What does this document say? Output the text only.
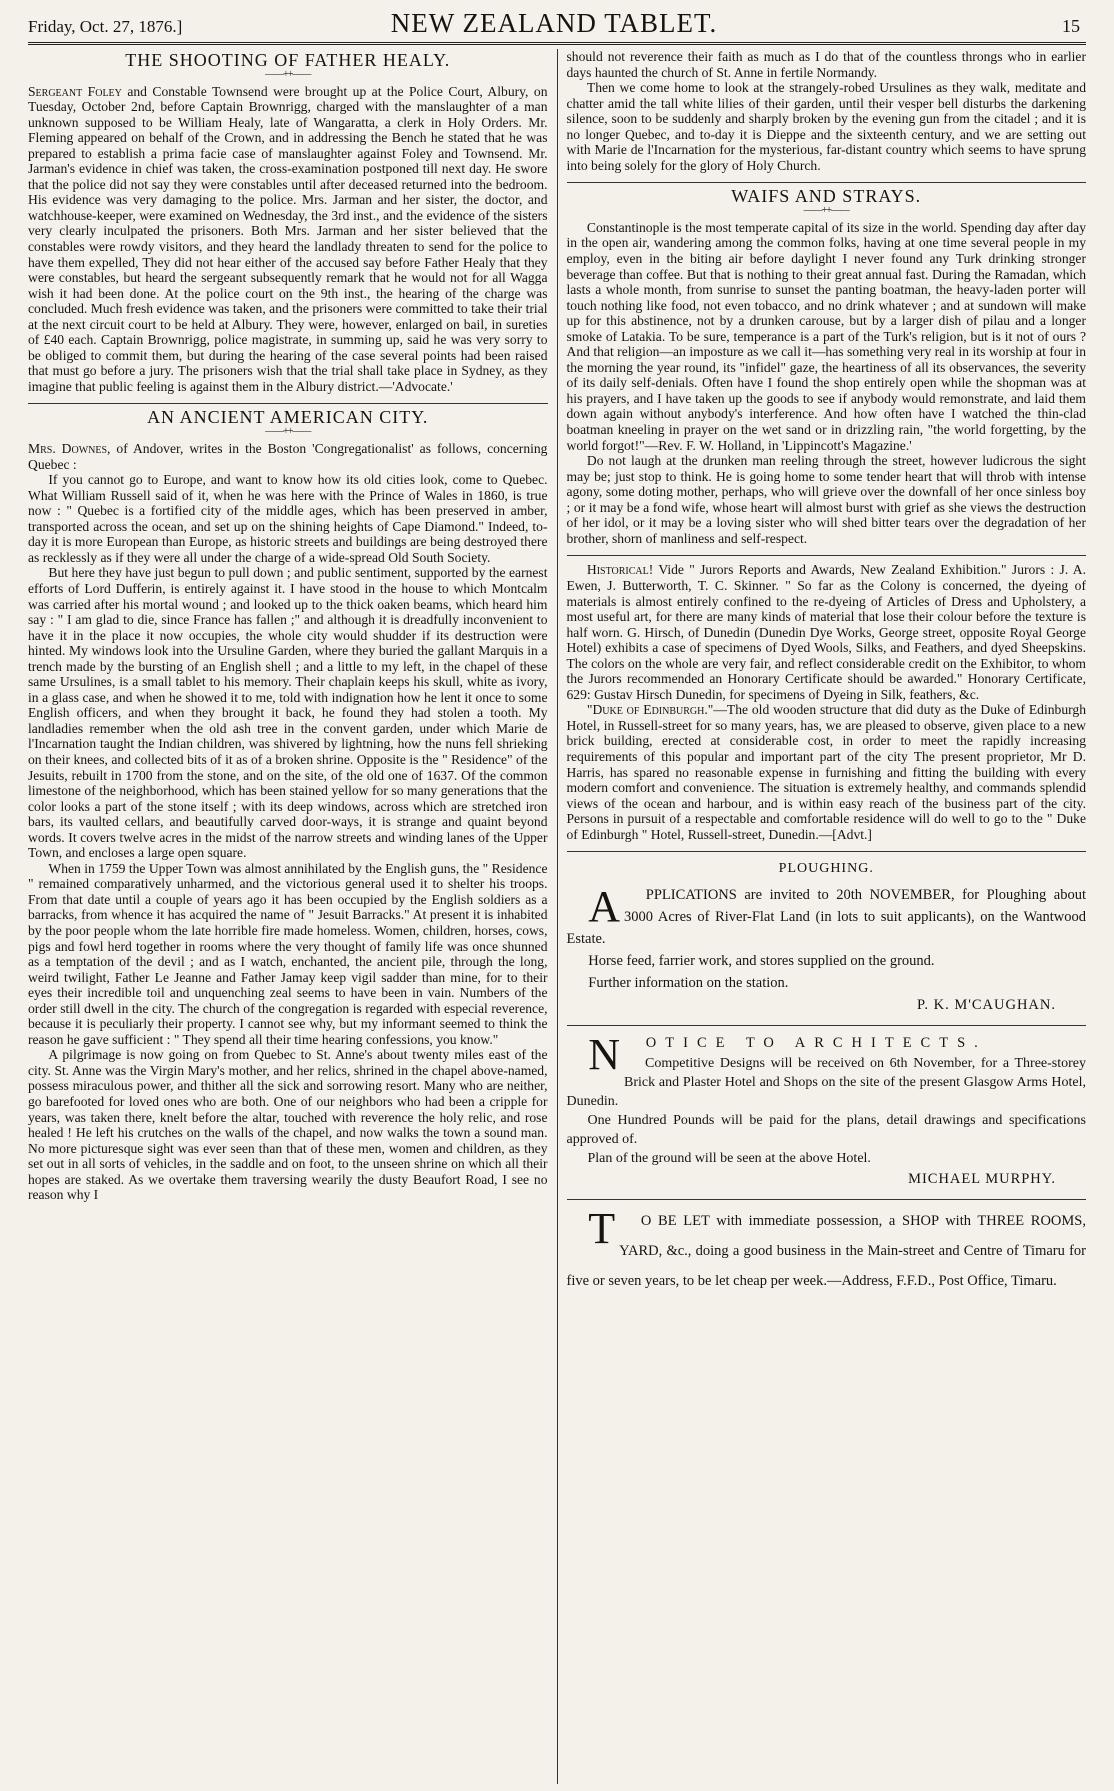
Friday, Oct. 27, 1876.]	NEW ZEALAND TABLET.	15
THE SHOOTING OF FATHER HEALY.
——++——

Sergeant Foley and Constable Townsend were brought up at the Police Court, Albury, on Tuesday, October 2nd, before Captain Brownrigg, charged with the manslaughter of a man unknown supposed to be William Healy, late of Wangaratta, a clerk in Holy Orders. Mr. Fleming appeared on behalf of the Crown, and in addressing the Bench he stated that he was prepared to establish a prima facie case of manslaughter against Foley and Townsend. Mr. Jarman's evidence in chief was taken, the cross-examination postponed till next day. He swore that the police did not say they were constables until after deceased returned into the bedroom. His evidence was very damaging to the police. Mrs. Jarman and her sister, the doctor, and watchhouse-keeper, were examined on Wednesday, the 3rd inst., and the evidence of the sisters very clearly inculpated the prisoners. Both Mrs. Jarman and her sister believed that the constables were rowdy visitors, and they heard the landlady threaten to send for the police to have them expelled, They did not hear either of the accused say before Father Healy that they were constables, but heard the sergeant subsequently remark that he would not for all Wagga wish it had been done. At the police court on the 9th inst., the hearing of the charge was concluded. Much fresh evidence was taken, and the prisoners were committed to take their trial at the next circuit court to be held at Albury. They were, however, enlarged on bail, in sureties of £40 each. Captain Brownrigg, police magistrate, in summing up, said he was very sorry to be obliged to commit them, but during the hearing of the case several points had been raised that must go before a jury. The prisoners wish that the trial shall take place in Sydney, as they imagine that public feeling is against them in the Albury district.—'Advocate.'

AN ANCIENT AMERICAN CITY.
——++——

Mrs. Downes, of Andover, writes in the Boston 'Congregationalist' as follows, concerning Quebec :

If you cannot go to Europe, and want to know how its old cities look, come to Quebec. What William Russell said of it, when he was here with the Prince of Wales in 1860, is true now : " Quebec is a fortified city of the middle ages, which has been preserved in amber, transported across the ocean, and set up on the shining heights of Cape Diamond." Indeed, to-day it is more European than Europe, as historic streets and buildings are being destroyed there as recklessly as if they were all under the charge of a wide-spread Old South Society.

But here they have just begun to pull down ; and public sentiment, supported by the earnest efforts of Lord Dufferin, is entirely against it. I have stood in the house to which Montcalm was carried after his mortal wound ; and looked up to the thick oaken beams, which heard him say : " I am glad to die, since France has fallen ;" and although it is dreadfully inconvenient to have it in the place it now occupies, the whole city would shudder if its destruction were hinted. My windows look into the Ursuline Garden, where they buried the gallant Marquis in a trench made by the bursting of an English shell ; and a little to my left, in the chapel of these same Ursulines, is a small tablet to his memory. Their chaplain keeps his skull, white as ivory, in a glass case, and when he showed it to me, told with indignation how he lent it once to some English officers, and when they brought it back, he found they had stolen a tooth. My landladies remember when the old ash tree in the convent garden, under which Marie de l'Incarnation taught the Indian children, was shivered by lightning, how the nuns fell shrieking on their knees, and collected bits of it as of a broken shrine. Opposite is the " Residence" of the Jesuits, rebuilt in 1700 from the stone, and on the site, of the old one of 1637. Of the common limestone of the neighborhood, which has been stained yellow for so many generations that the color looks a part of the stone itself ; with its deep windows, across which are stretched iron bars, its vaulted cellars, and beautifully carved door-ways, it is strange and quaint beyond words. It covers twelve acres in the midst of the narrow streets and winding lanes of the Upper Town, and encloses a large open square.

When in 1759 the Upper Town was almost annihilated by the English guns, the " Residence " remained comparatively unharmed, and the victorious general used it to shelter his troops. From that date until a couple of years ago it has been occupied by the English soldiers as a barracks, from whence it has acquired the name of " Jesuit Barracks." At present it is inhabited by the poor people whom the late horrible fire made homeless. Women, children, horses, cows, pigs and fowl herd together in rooms where the very thought of family life was once shunned as a temptation of the devil ; and as I watch, enchanted, the ancient pile, through the long, weird twilight, Father Le Jeanne and Father Jamay keep vigil sadder than mine, for to their eyes their incredible toil and unquenching zeal seems to have been in vain. Numbers of the order still dwell in the city. The church of the congregation is regarded with especial reverence, because it is peculiarly their property. I cannot see why, but my informant seemed to think the reason he gave sufficient : " They spend all their time hearing confessions, you know."

A pilgrimage is now going on from Quebec to St. Anne's about twenty miles east of the city. St. Anne was the Virgin Mary's mother, and her relics, shrined in the chapel above-named, possess miraculous power, and thither all the sick and sorrowing resort. Many who are neither, go barefooted for loved ones who are both. One of our neighbors who had been a cripple for years, was taken there, knelt before the altar, touched with reverence the holy relic, and rose healed ! He left his crutches on the walls of the chapel, and now walks the town a sound man. No more picturesque sight was ever seen than that of these men, women and children, as they set out in all sorts of vehicles, in the saddle and on foot, to the unseen shrine on which all their hopes are staked. As we overtake them traversing wearily the dusty Beaufort Road, I see no reason why I

should not reverence their faith as much as I do that of the countless throngs who in earlier days haunted the church of St. Anne in fertile Normandy.

Then we come home to look at the strangely-robed Ursulines as they walk, meditate and chatter amid the tall white lilies of their garden, until their vesper bell disturbs the darkening silence, soon to be suddenly and sharply broken by the evening gun from the citadel ; and it is no longer Quebec, and to-day it is Dieppe and the sixteenth century, and we are setting out with Marie de l'Incarnation for the mysterious, far-distant country which seems to have sprung into being solely for the glory of Holy Church.

WAIFS AND STRAYS.
——++——

Constantinople is the most temperate capital of its size in the world. Spending day after day in the open air, wandering among the common folks, having at one time several people in my employ, even in the biting air before daylight I never found any Turk drinking stronger beverage than coffee. But that is nothing to their great annual fast. During the Ramadan, which lasts a whole month, from sunrise to sunset the panting boatman, the heavy-laden porter will touch nothing like food, not even tobacco, and no drink whatever ; and at sundown will make up for this abstinence, not by a drunken carouse, but by a larger dish of pilau and a longer smoke of Latakia. To be sure, temperance is a part of the Turk's religion, but is it not of ours ? And that religion—an imposture as we call it—has something very real in its worship at four in the morning the year round, its "infidel" gaze, the heartiness of all its observances, the severity of its daily self-denials. Often have I found the shop entirely open while the shopman was at his prayers, and I have taken up the goods to see if anybody would remonstrate, and laid them down again without anybody's interference. And how often have I watched the thin-clad boatman kneeling in prayer on the wet sand or in drizzling rain, "the world forgetting, by the world forgot!"—Rev. F. W. Holland, in 'Lippincott's Magazine.'

Do not laugh at the drunken man reeling through the street, however ludicrous the sight may be; just stop to think. He is going home to some tender heart that will throb with intense agony, some doting mother, perhaps, who will grieve over the downfall of her once sinless boy ; or it may be a fond wife, whose heart will almost burst with grief as she views the destruction of her idol, or it may be a loving sister who will shed bitter tears over the degradation of her brother, shorn of manliness and self-respect.

Historical! Vide " Jurors Reports and Awards, New Zealand Exhibition." Jurors : J. A. Ewen, J. Butterworth, T. C. Skinner. " So far as the Colony is concerned, the dyeing of materials is almost entirely confined to the re-dyeing of Articles of Dress and Upholstery, a most useful art, for there are many kinds of material that lose their colour before the texture is half worn. G. Hirsch, of Dunedin (Dunedin Dye Works, George street, opposite Royal George Hotel) exhibits a case of specimens of Dyed Wools, Silks, and Feathers, and dyed Sheepskins. The colors on the whole are very fair, and reflect considerable credit on the Exhibitor, to whom the Jurors recommended an Honorary Certificate should be awarded." Honorary Certificate, 629: Gustav Hirsch Dunedin, for specimens of Dyeing in Silk, feathers, &c.

"Duke of Edinburgh."—The old wooden structure that did duty as the Duke of Edinburgh Hotel, in Russell-street for so many years, has, we are pleased to observe, given place to a new brick building, erected at considerable cost, in order to meet the rapidly increasing requirements of this popular and important part of the city The present proprietor, Mr D. Harris, has spared no reasonable expense in furnishing and fitting the building with every modern comfort and convenience. The situation is extremely healthy, and commands splendid views of the ocean and harbour, and is within easy reach of the business part of the city. Persons in pursuit of a respectable and comfortable residence will do well to go to the " Duke of Edinburgh " Hotel, Russell-street, Dunedin.—[Advt.]

PLOUGHING.

A PPLICATIONS are invited to 20th NOVEMBER, for Ploughing about 3000 Acres of River-Flat Land (in lots to suit applicants), on the Wantwood Estate.

Horse feed, farrier work, and stores supplied on the ground.

Further information on the station.

P. K. M'CAUGHAN.

N OTICE TO ARCHITECTS.

Competitive Designs will be received on 6th November, for a Three-storey Brick and Plaster Hotel and Shops on the site of the present Glasgow Arms Hotel, Dunedin.

One Hundred Pounds will be paid for the plans, detail drawings and specifications approved of.

Plan of the ground will be seen at the above Hotel.

MICHAEL MURPHY.

T O BE LET with immediate possession, a SHOP with THREE ROOMS, YARD, &c., doing a good business in the Main-street and Centre of Timaru for five or seven years, to be let cheap per week.—Address, F.F.D., Post Office, Timaru.
